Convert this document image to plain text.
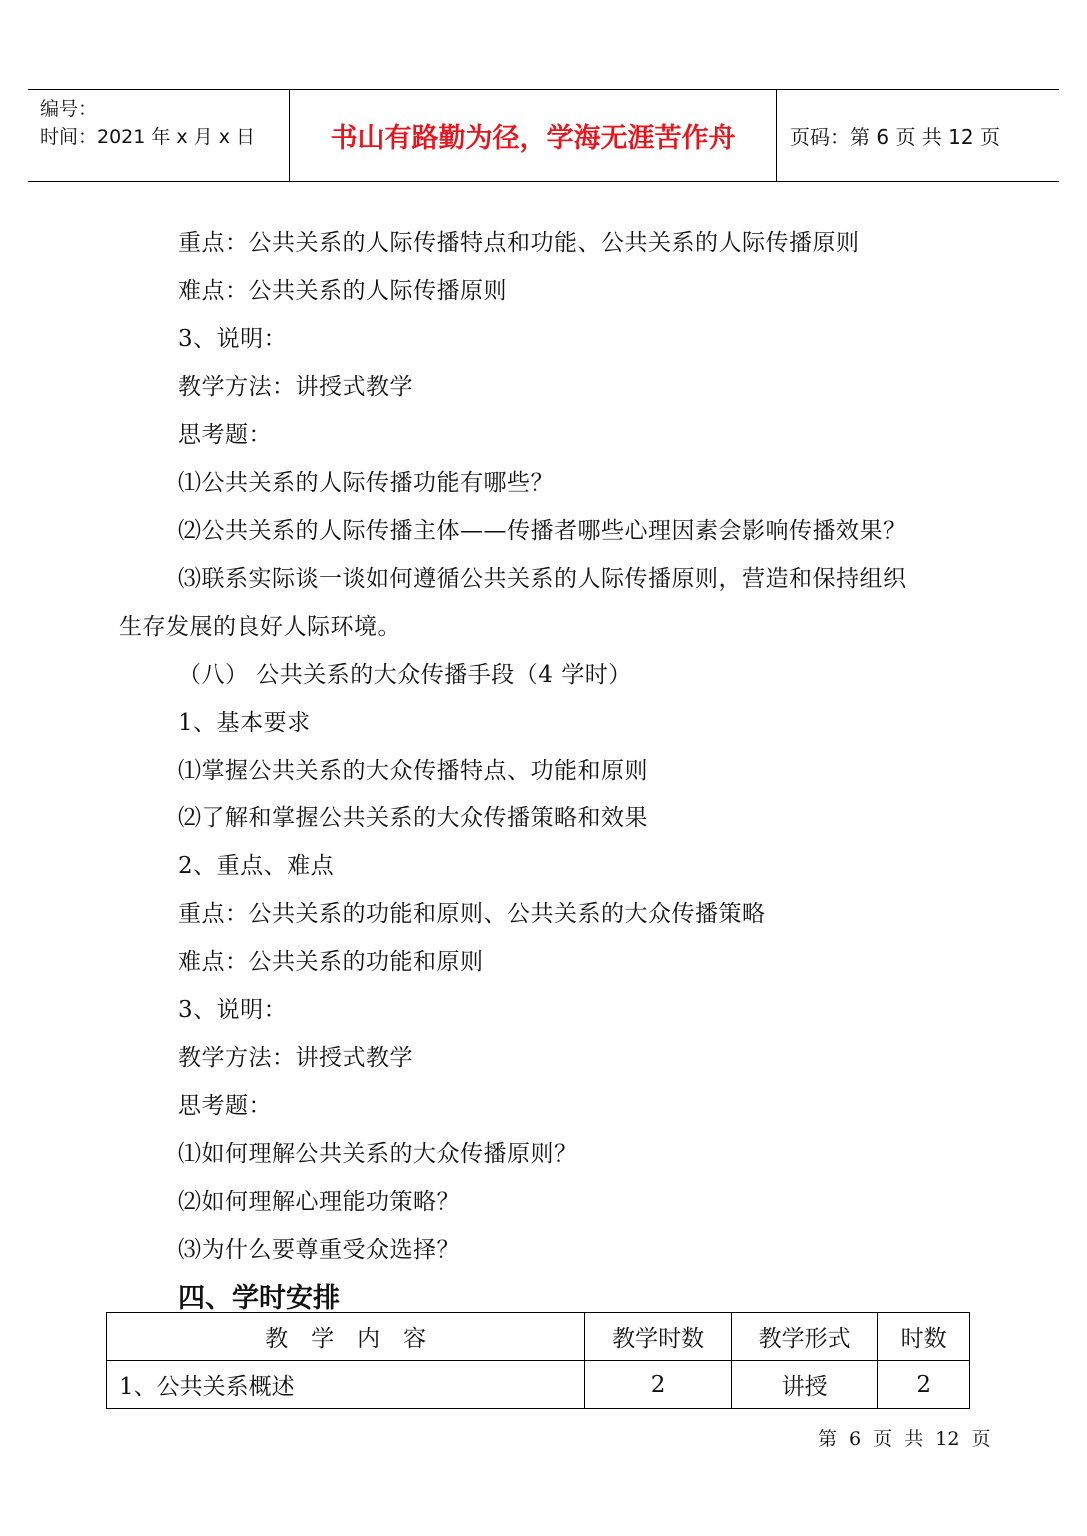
编号：
时间：2021 年 x 月 x 日	书山有路勤为径，学海无涯苦作舟	页码：第 6 页 共 12 页
重点：公共关系的人际传播特点和功能、公共关系的人际传播原则
难点：公共关系的人际传播原则
3、说明：
教学方法：讲授式教学
思考题：
⑴公共关系的人际传播功能有哪些？
⑵公共关系的人际传播主体——传播者哪些心理因素会影响传播效果？
⑶联系实际谈一谈如何遵循公共关系的人际传播原则，营造和保持组织
生存发展的良好人际环境。
（八） 公共关系的大众传播手段（4 学时）
1、基本要求
⑴掌握公共关系的大众传播特点、功能和原则
⑵了解和掌握公共关系的大众传播策略和效果
2、重点、难点
重点：公共关系的功能和原则、公共关系的大众传播策略
难点：公共关系的功能和原则
3、说明：
教学方法：讲授式教学
思考题：
⑴如何理解公共关系的大众传播原则？
⑵如何理解心理能功策略？
⑶为什么要尊重受众选择？
四、学时安排
教　学　内　容	教学时数	教学形式	时数
1、公共关系概述	2	讲授	2
第 6 页 共 12 页
